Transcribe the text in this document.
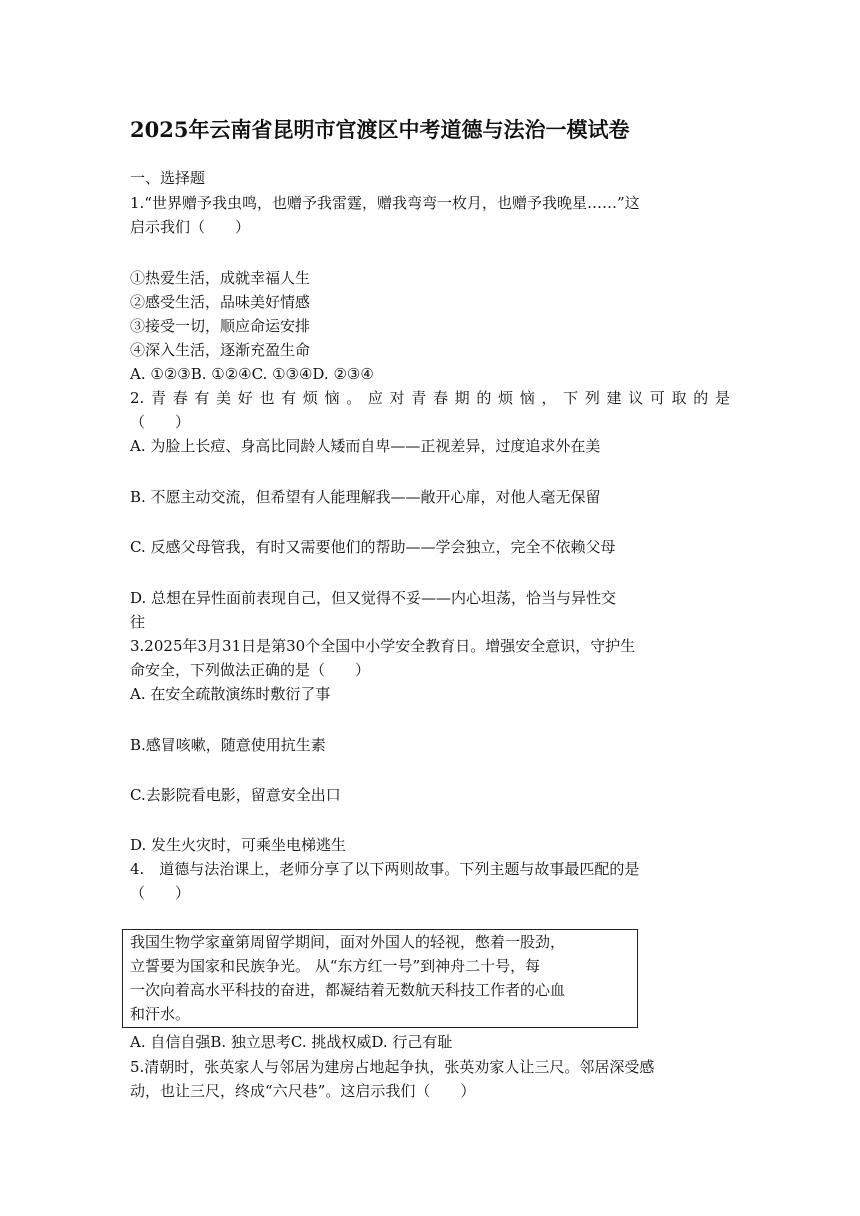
2025年云南省昆明市官渡区中考道德与法治一模试卷
一、选择题
1.“世界赠予我虫鸣，也赠予我雷霆，赠我弯弯一枚月，也赠予我晚星……”这
启示我们（　　）
①热爱生活，成就幸福人生
②感受生活，品味美好情感
③接受一切，顺应命运安排
④深入生活，逐渐充盈生命
A. ①②③B. ①②④C. ①③④D. ②③④
2.青春有美好也有烦恼。应对青春期的烦恼，下列建议可取的是
（　　）
A. 为脸上长痘、身高比同龄人矮而自卑——正视差异，过度追求外在美
B. 不愿主动交流，但希望有人能理解我——敞开心扉，对他人毫无保留
C. 反感父母管我，有时又需要他们的帮助——学会独立，完全不依赖父母
D. 总想在异性面前表现自己，但又觉得不妥——内心坦荡，恰当与异性交
往
3.2025年3月31日是第30个全国中小学安全教育日。增强安全意识，守护生
命安全，下列做法正确的是（　　）
A. 在安全疏散演练时敷衍了事
B.感冒咳嗽，随意使用抗生素
C.去影院看电影，留意安全出口
D. 发生火灾时，可乘坐电梯逃生
4.　道德与法治课上，老师分享了以下两则故事。下列主题与故事最匹配的是
（　　）
我国生物学家童第周留学期间，面对外国人的轻视，憋着一股劲，
立誓要为国家和民族争光。 从“东方红一号”到神舟二十号，每
一次向着高水平科技的奋进，都凝结着无数航天科技工作者的心血
和汗水。
A. 自信自强B. 独立思考C. 挑战权威D. 行己有耻
5.清朝时，张英家人与邻居为建房占地起争执，张英劝家人让三尺。邻居深受感
动，也让三尺，终成“六尺巷”。这启示我们（　　）
